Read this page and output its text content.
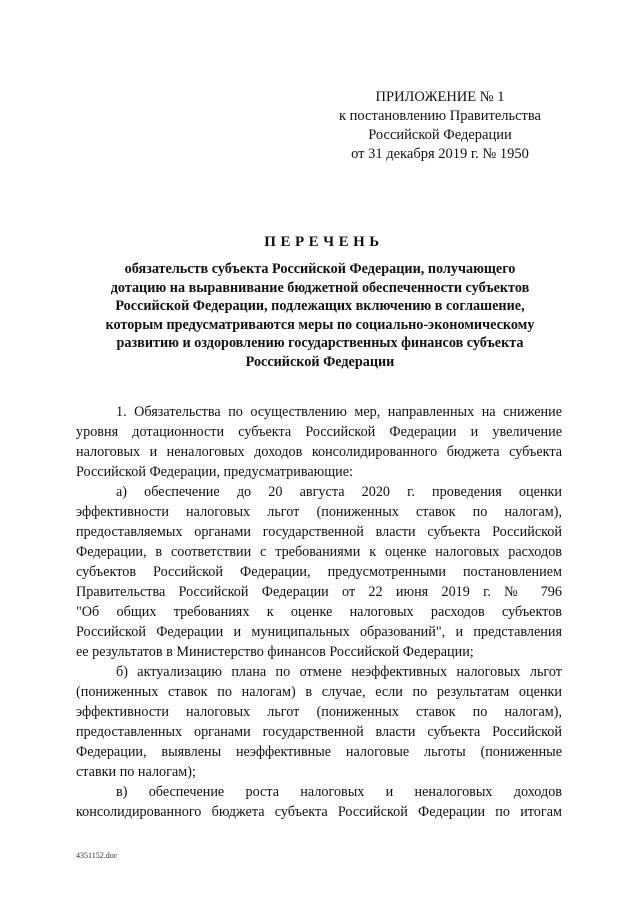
ПРИЛОЖЕНИЕ № 1
к постановлению Правительства
Российской Федерации
от 31 декабря 2019 г. № 1950
ПЕРЕЧЕНЬ
обязательств субъекта Российской Федерации, получающего
дотацию на выравнивание бюджетной обеспеченности субъектов
Российской Федерации, подлежащих включению в соглашение,
которым предусматриваются меры по социально-экономическому
развитию и оздоровлению государственных финансов субъекта
Российской Федерации
1. Обязательства по осуществлению мер, направленных на снижение
уровня дотационности субъекта Российской Федерации и увеличение
налоговых и неналоговых доходов консолидированного бюджета субъекта
Российской Федерации, предусматривающие:
а) обеспечение до 20 августа 2020 г. проведения оценки
эффективности налоговых льгот (пониженных ставок по налогам),
предоставляемых органами государственной власти субъекта Российской
Федерации, в соответствии с требованиями к оценке налоговых расходов
субъектов Российской Федерации, предусмотренными постановлением
Правительства Российской Федерации от 22 июня 2019 г. № 796
"Об общих требованиях к оценке налоговых расходов субъектов
Российской Федерации и муниципальных образований", и представления
ее результатов в Министерство финансов Российской Федерации;
б) актуализацию плана по отмене неэффективных налоговых льгот
(пониженных ставок по налогам) в случае, если по результатам оценки
эффективности налоговых льгот (пониженных ставок по налогам),
предоставленных органами государственной власти субъекта Российской
Федерации, выявлены неэффективные налоговые льготы (пониженные
ставки по налогам);
в) обеспечение роста налоговых и неналоговых доходов
консолидированного бюджета субъекта Российской Федерации по итогам
4351152.doc
